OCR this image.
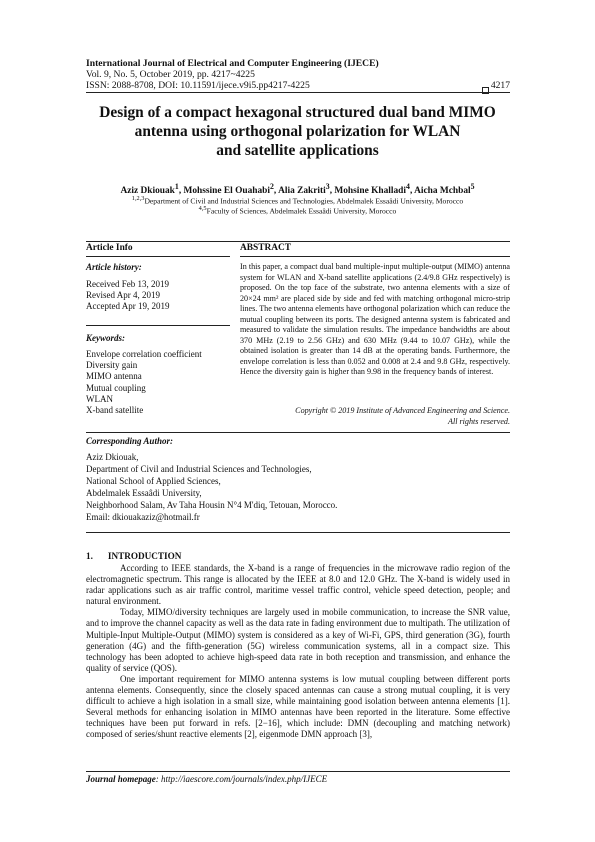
International Journal of Electrical and Computer Engineering (IJECE)
Vol. 9, No. 5, October 2019, pp. 4217~4225
ISSN: 2088-8708, DOI: 10.11591/ijece.v9i5.pp4217-4225	4217
Design of a compact hexagonal structured dual band MIMO
antenna using orthogonal polarization for WLAN
and satellite applications
Aziz Dkiouak$^1$, Mohssine El Ouahabi$^2$, Alia Zakriti$^3$, Mohsine Khalladi$^4$, Aicha Mchbal$^5$
$^{1,2,3}$Department of Civil and Industrial Sciences and Technologies, Abdelmalek Essaâdi University, Morocco
$^{4,5}$Faculty of Sciences, Abdelmalek Essaâdi University, Morocco
Article Info	ABSTRACT
Article history:
Received Feb 13, 2019
Revised Apr 4, 2019
Accepted Apr 19, 2019
Keywords:
Envelope correlation coefficient
Diversity gain
MIMO antenna
Mutual coupling
WLAN
X-band satellite
In this paper, a compact dual band multiple-input multiple-output (MIMO) antenna system for WLAN and X-band satellite applications (2.4/9.8 GHz respectively) is proposed. On the top face of the substrate, two antenna elements with a size of 20×24 mm² are placed side by side and fed with matching orthogonal micro-strip lines. The two antenna elements have orthogonal polarization which can reduce the mutual coupling between its ports. The designed antenna system is fabricated and measured to validate the simulation results. The impedance bandwidths are about 370 MHz (2.19 to 2.56 GHz) and 630 MHz (9.44 to 10.07 GHz), while the obtained isolation is greater than 14 dB at the operating bands. Furthermore, the envelope correlation is less than 0.052 and 0.008 at 2.4 and 9.8 GHz, respectively. Hence the diversity gain is higher than 9.98 in the frequency bands of interest.
Copyright © 2019 Institute of Advanced Engineering and Science.
All rights reserved.
Corresponding Author:
Aziz Dkiouak,
Department of Civil and Industrial Sciences and Technologies,
National School of Applied Sciences,
Abdelmalek Essaâdi University,
Neighborhood Salam, Av Taha Housin N°4 M'diq, Tetouan, Morocco.
Email: dkiouakaziz@hotmail.fr
1. INTRODUCTION

According to IEEE standards, the X-band is a range of frequencies in the microwave radio region of the electromagnetic spectrum. This range is allocated by the IEEE at 8.0 and 12.0 GHz. The X-band is widely used in radar applications such as air traffic control, maritime vessel traffic control, vehicle speed detection, people; and natural environment.

Today, MIMO/diversity techniques are largely used in mobile communication, to increase the SNR value, and to improve the channel capacity as well as the data rate in fading environment due to multipath. The utilization of Multiple-Input Multiple-Output (MIMO) system is considered as a key of Wi-Fi, GPS, third generation (3G), fourth generation (4G) and the fifth-generation (5G) wireless communication systems, all in a compact size. This technology has been adopted to achieve high-speed data rate in both reception and transmission, and enhance the quality of service (QOS).

One important requirement for MIMO antenna systems is low mutual coupling between different ports antenna elements. Consequently, since the closely spaced antennas can cause a strong mutual coupling, it is very difficult to achieve a high isolation in a small size, while maintaining good isolation between antenna elements [1]. Several methods for enhancing isolation in MIMO antennas have been reported in the literature. Some effective techniques have been put forward in refs. [2−16], which include: DMN (decoupling and matching network) composed of series/shunt reactive elements [2], eigenmode DMN approach [3],

Journal homepage: http://iaescore.com/journals/index.php/IJECE
